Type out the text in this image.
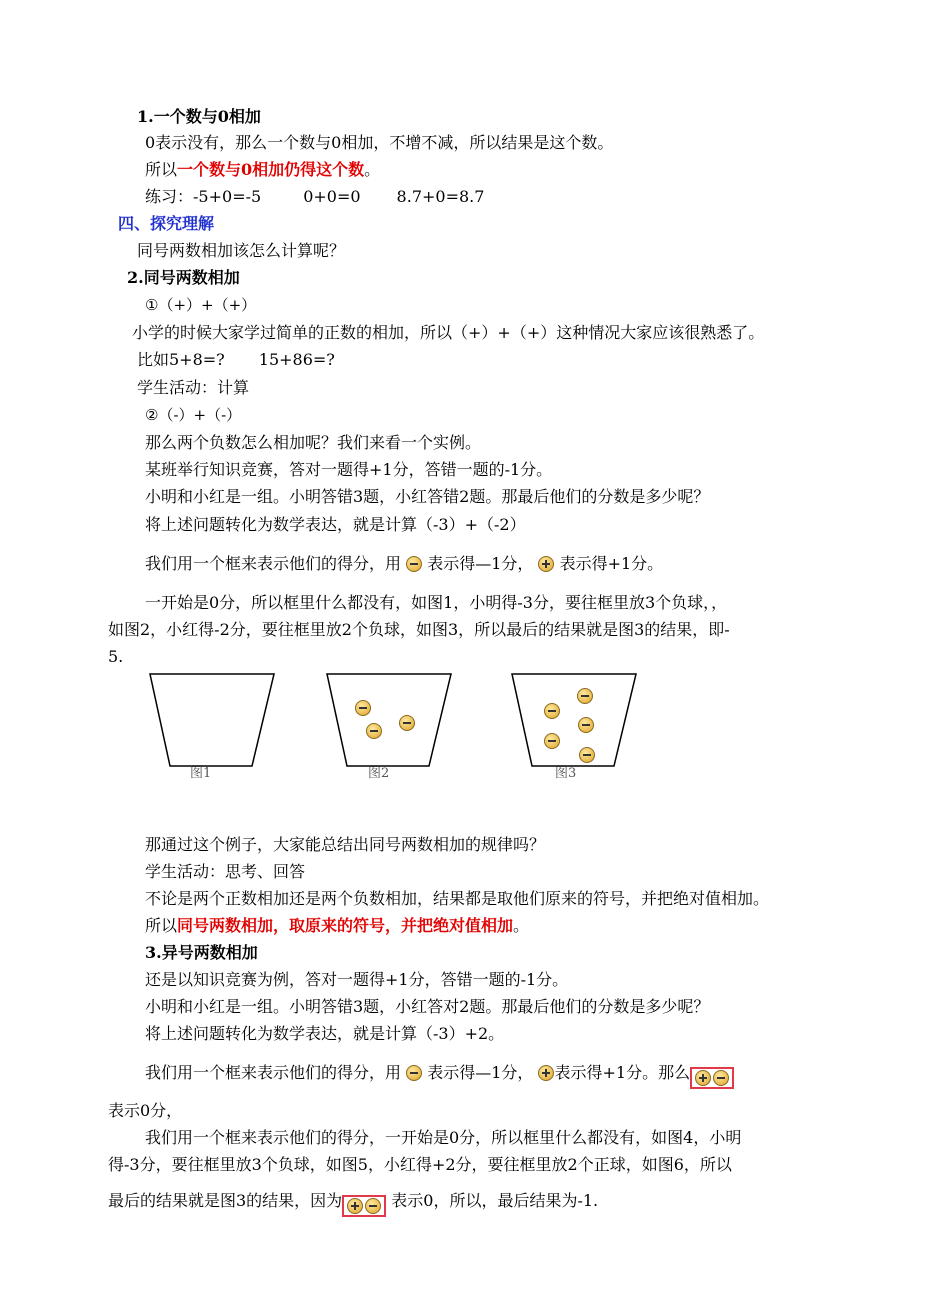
1.一个数与0相加
0表示没有，那么一个数与0相加，不增不减，所以结果是这个数。
所以一个数与0相加仍得这个数。
练习：-5+0=-5	0+0=0 8.7+0=8.7
四、探究理解
同号两数相加该怎么计算呢？
2.同号两数相加
①（+）+（+）
小学的时候大家学过简单的正数的相加，所以（+）+（+）这种情况大家应该很熟悉了。
比如5+8=? 15+86=?
学生活动：计算
②（-）+（-）
那么两个负数怎么相加呢？我们来看一个实例。
某班举行知识竞赛，答对一题得+1分，答错一题的-1分。
小明和小红是一组。小明答错3题，小红答错2题。那最后他们的分数是多少呢？
将上述问题转化为数学表达，就是计算（-3）+（-2）
我们用一个框来表示他们的得分，用 表示得—1分， 表示得+1分。
一开始是0分，所以框里什么都没有，如图1，小明得-3分，要往框里放3个负球，，
如图2，小红得-2分，要往框里放2个负球，如图3，所以最后的结果就是图3的结果，即-
5.
图1	图2	图3
那通过这个例子，大家能总结出同号两数相加的规律吗？
学生活动：思考、回答
不论是两个正数相加还是两个负数相加，结果都是取他们原来的符号，并把绝对值相加。
所以同号两数相加，取原来的符号，并把绝对值相加。
3.异号两数相加
还是以知识竞赛为例，答对一题得+1分，答错一题的-1分。
小明和小红是一组。小明答错3题，小红答对2题。那最后他们的分数是多少呢？
将上述问题转化为数学表达，就是计算（-3）+2。
我们用一个框来表示他们的得分，用 表示得—1分， 表示得+1分。那么
表示0分，
我们用一个框来表示他们的得分，一开始是0分，所以框里什么都没有，如图4，小明
得-3分，要往框里放3个负球，如图5，小红得+2分，要往框里放2个正球，如图6，所以
最后的结果就是图3的结果，因为	表示0，所以，最后结果为-1.
